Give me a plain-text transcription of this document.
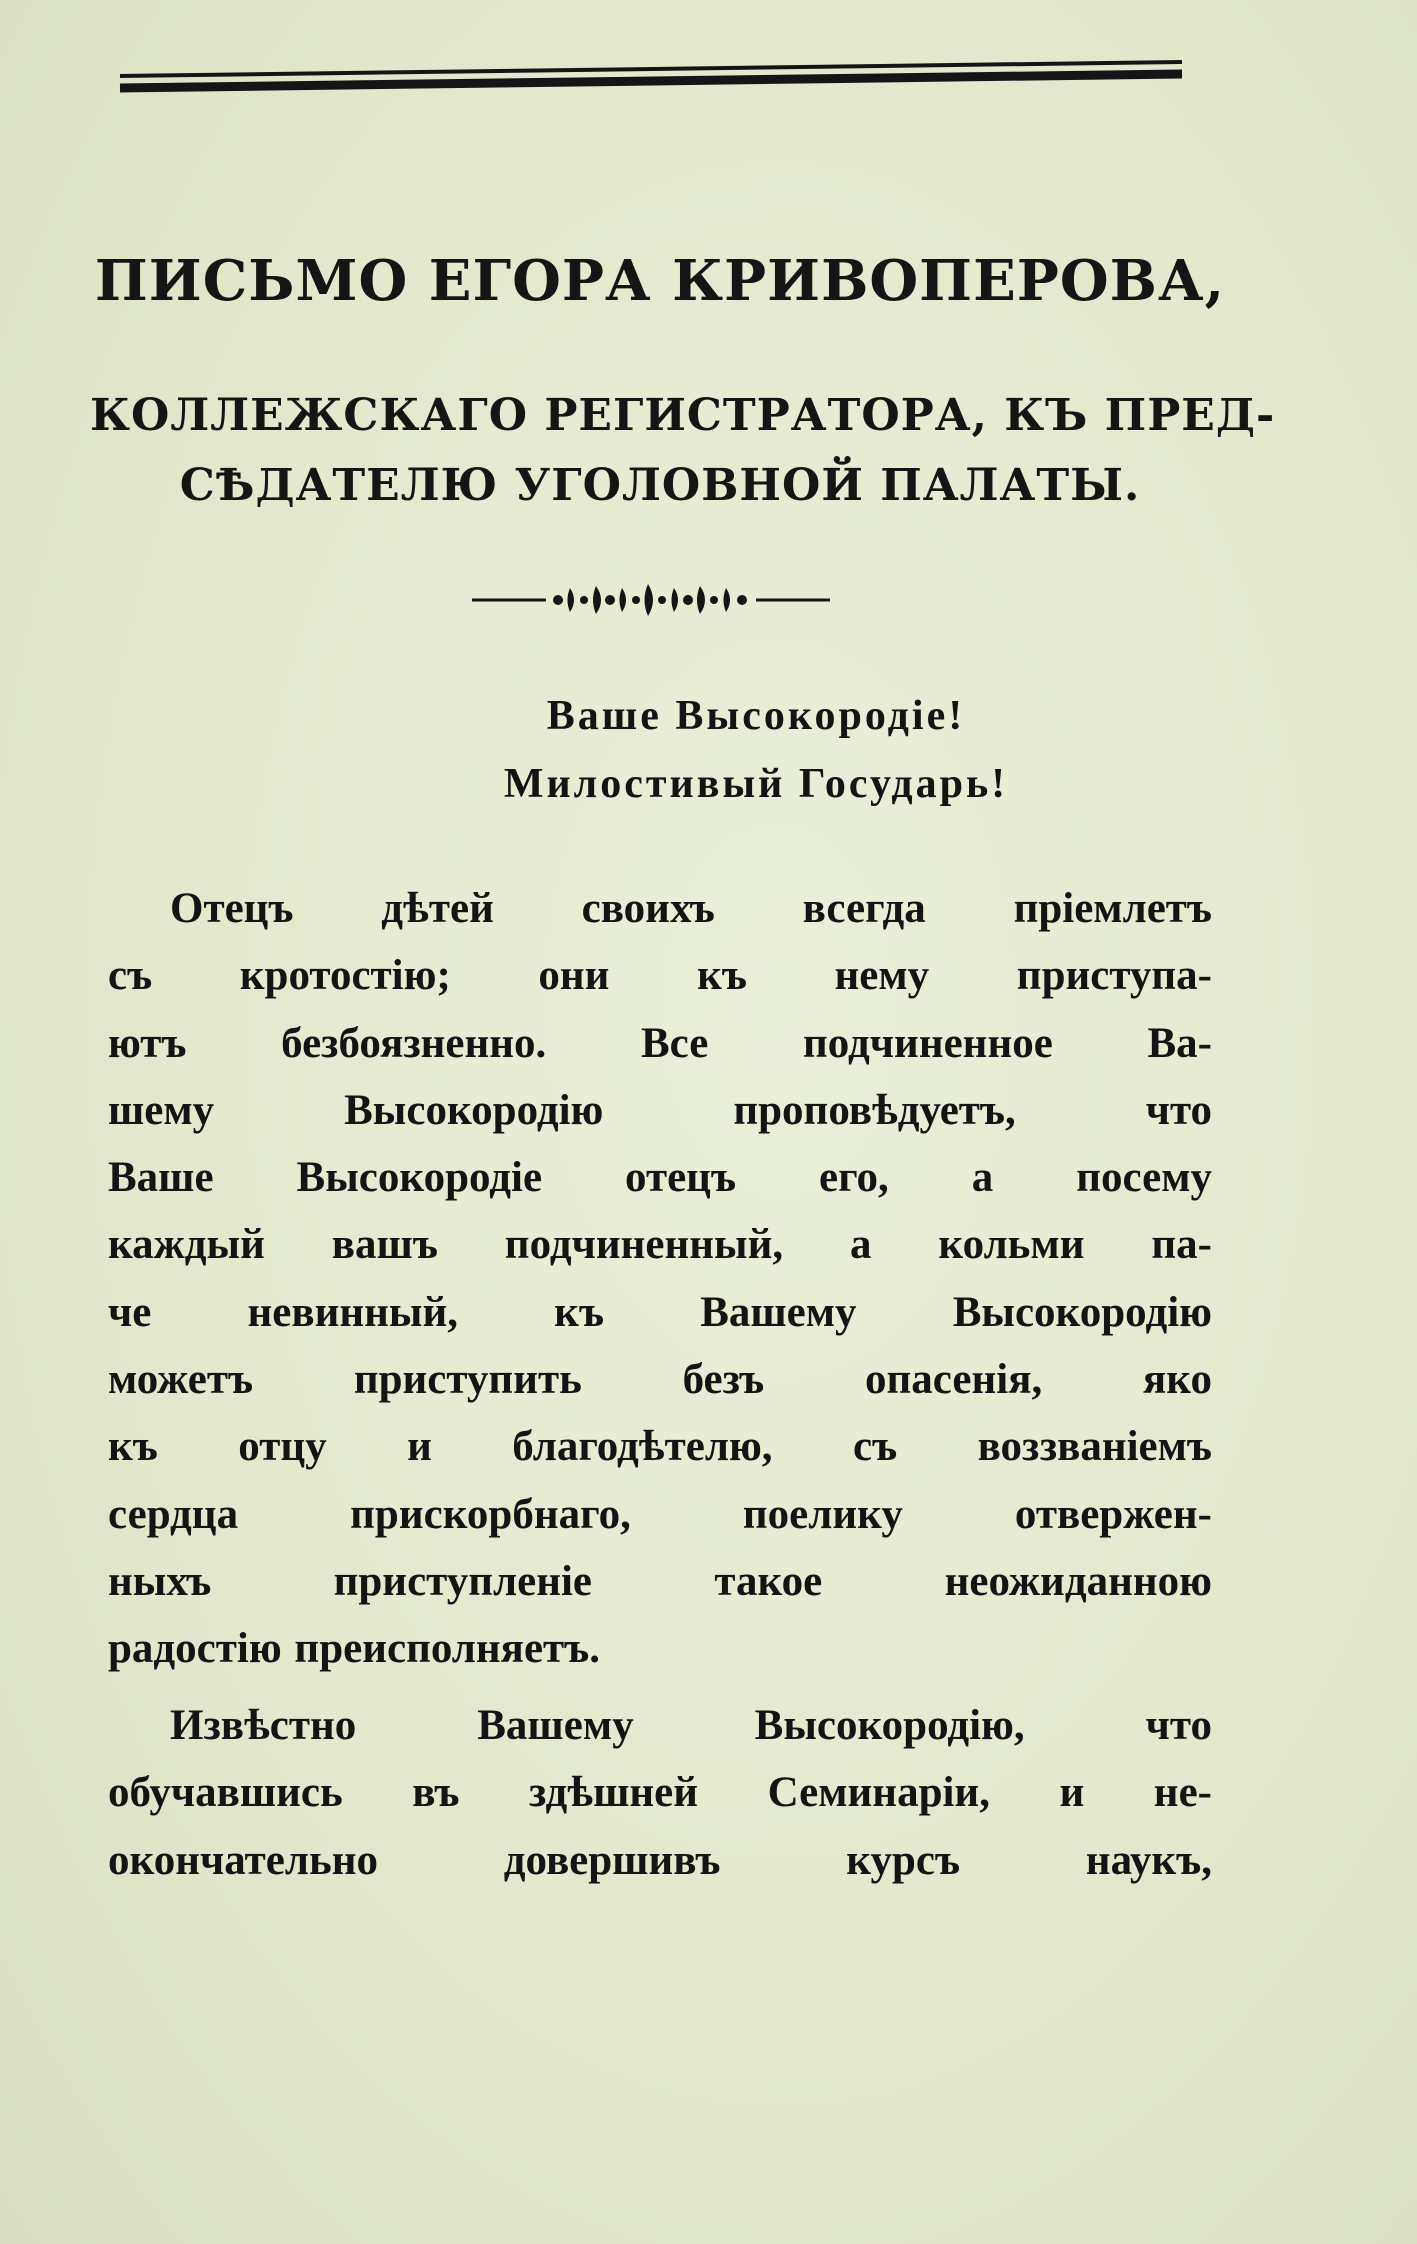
ПИСЬМО ЕГОРА КРИВОПЕРОВА,
КОЛЛЕЖСКАГО РЕГИСТРАТОРА, КЪ ПРЕД-
СѢДАТЕЛЮ УГОЛОВНОЙ ПАЛАТЫ.

Ваше Высокородіе!

Милостивый Государь!

Отецъ дѣтей своихъ всегда пріемлетъ
съ кротостію; они къ нему приступа-
ютъ безбоязненно. Все подчиненное Ва-
шему Высокородію проповѣдуетъ, что
Ваше Высокородіе отецъ его, а посему
каждый вашъ подчиненный, а кольми па-
че невинный, къ Вашему Высокородію
можетъ приступить безъ опасенія, яко
къ отцу и благодѣтелю, съ воззваніемъ
сердца прискорбнаго, поелику отвержен-
ныхъ приступленіе такое неожиданною
радостію преисполняетъ.
Извѣстно Вашему Высокородію, что
обучавшись въ здѣшней Семинаріи, и не-
окончательно довершивъ курсъ наукъ,
